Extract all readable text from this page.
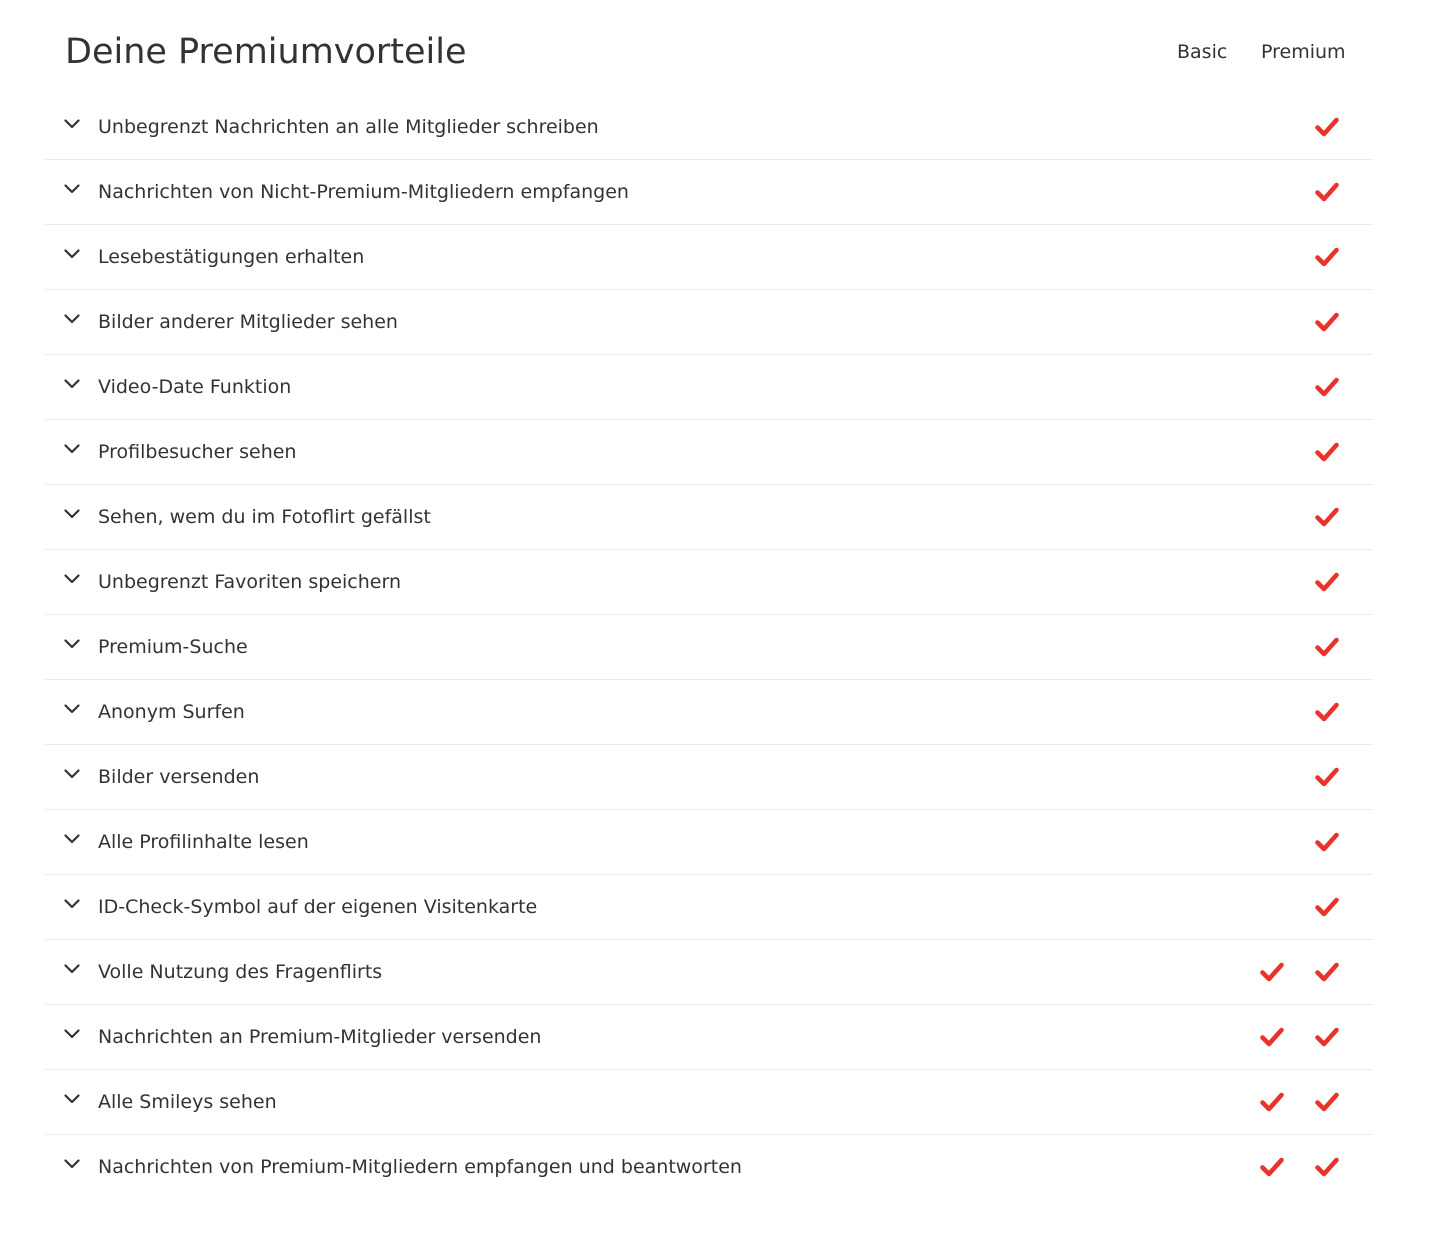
Deine Premiumvorteile	Basic Premium
Unbegrenzt Nachrichten an alle Mitglieder schreiben
Nachrichten von Nicht-Premium-Mitgliedern empfangen
Lesebestätigungen erhalten
Bilder anderer Mitglieder sehen
Video-Date Funktion
Profilbesucher sehen
Sehen, wem du im Fotoflirt gefällst
Unbegrenzt Favoriten speichern
Premium-Suche
Anonym Surfen
Bilder versenden
Alle Profilinhalte lesen
ID-Check-Symbol auf der eigenen Visitenkarte
Volle Nutzung des Fragenflirts
Nachrichten an Premium-Mitglieder versenden
Alle Smileys sehen
Nachrichten von Premium-Mitgliedern empfangen und beantworten
